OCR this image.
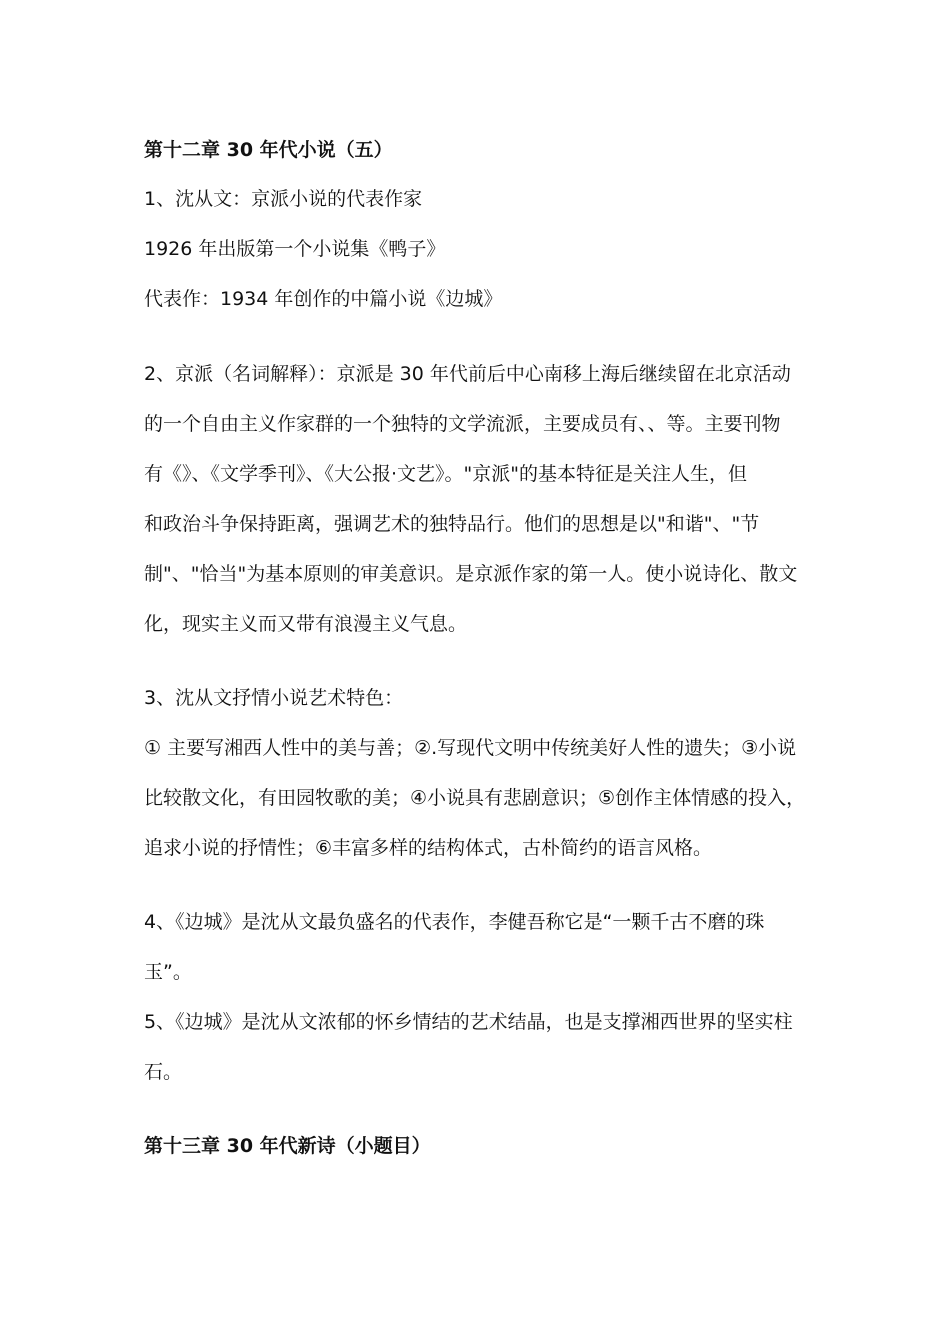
第十二章 30 年代小说（五）
1、沈从文：京派小说的代表作家
1926 年出版第一个小说集《鸭子》
代表作：1934 年创作的中篇小说《边城》
2、京派（名词解释）：京派是 30 年代前后中心南移上海后继续留在北京活动
的一个自由主义作家群的一个独特的文学流派，主要成员有、、等。主要刊物
有《》、《文学季刊》、《大公报·文艺》。"京派"的基本特征是关注人生，但
和政治斗争保持距离，强调艺术的独特品行。他们的思想是以"和谐"、"节
制"、"恰当"为基本原则的审美意识。是京派作家的第一人。使小说诗化、散文
化，现实主义而又带有浪漫主义气息。
3、沈从文抒情小说艺术特色：
① 主要写湘西人性中的美与善；②.写现代文明中传统美好人性的遗失；③小说
比较散文化，有田园牧歌的美；④小说具有悲剧意识；⑤创作主体情感的投入，
追求小说的抒情性；⑥丰富多样的结构体式，古朴简约的语言风格。
4、《边城》是沈从文最负盛名的代表作，李健吾称它是“一颗千古不磨的珠
玉”。
5、《边城》是沈从文浓郁的怀乡情结的艺术结晶，也是支撑湘西世界的坚实柱
石。
第十三章 30 年代新诗（小题目）
